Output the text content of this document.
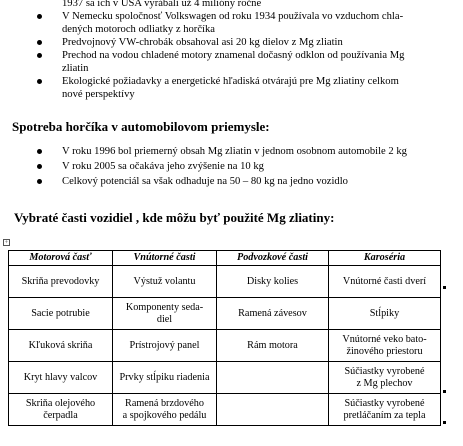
1937 sa ich v USA vyrábali už 4 milióny ročne
V Nemecku spoločnosť Volkswagen od roku 1934 používala vo vzduchom chla-
dených motoroch odliatky z horčíka
Predvojnový VW-chrobák obsahoval asi 20 kg dielov z Mg zliatin
Prechod na vodou chladené motory znamenal dočasný odklon od používania Mg
zliatin
Ekologické požiadavky a energetické hľadiská otvárajú pre Mg zliatiny celkom
nové perspektívy
Spotreba horčíka v automobilovom priemysle:
V roku 1996 bol priemerný obsah Mg zliatin v jednom osobnom automobile 2 kg
V roku 2005 sa očakáva jeho zvýšenie na 10 kg
Celkový potenciál sa však odhaduje na 50 – 80 kg na jedno vozidlo
Vybraté časti vozidiel , kde môžu byť použité Mg zliatiny:
+
Motorová časť	Vnútorné časti	Podvozkové časti	Karoséria

Skriňa prevodovky	Výstuž volantu	Disky kolies	Vnútorné časti dverí

Sacie potrubie	Komponenty seda-
diel	Ramená závesov	Stĺpiky

Kľuková skriňa	Prístrojový panel	Rám motora	Vnútorné veko bato-
žinového priestoru

Kryt hlavy valcov	Prvky stĺpiku riadenia		Súčiastky vyrobené
z Mg plechov

Skriňa olejového
čerpadla	Ramená brzdového
a spojkového pedálu		Súčiastky vyrobené
pretláčaním za tepla
